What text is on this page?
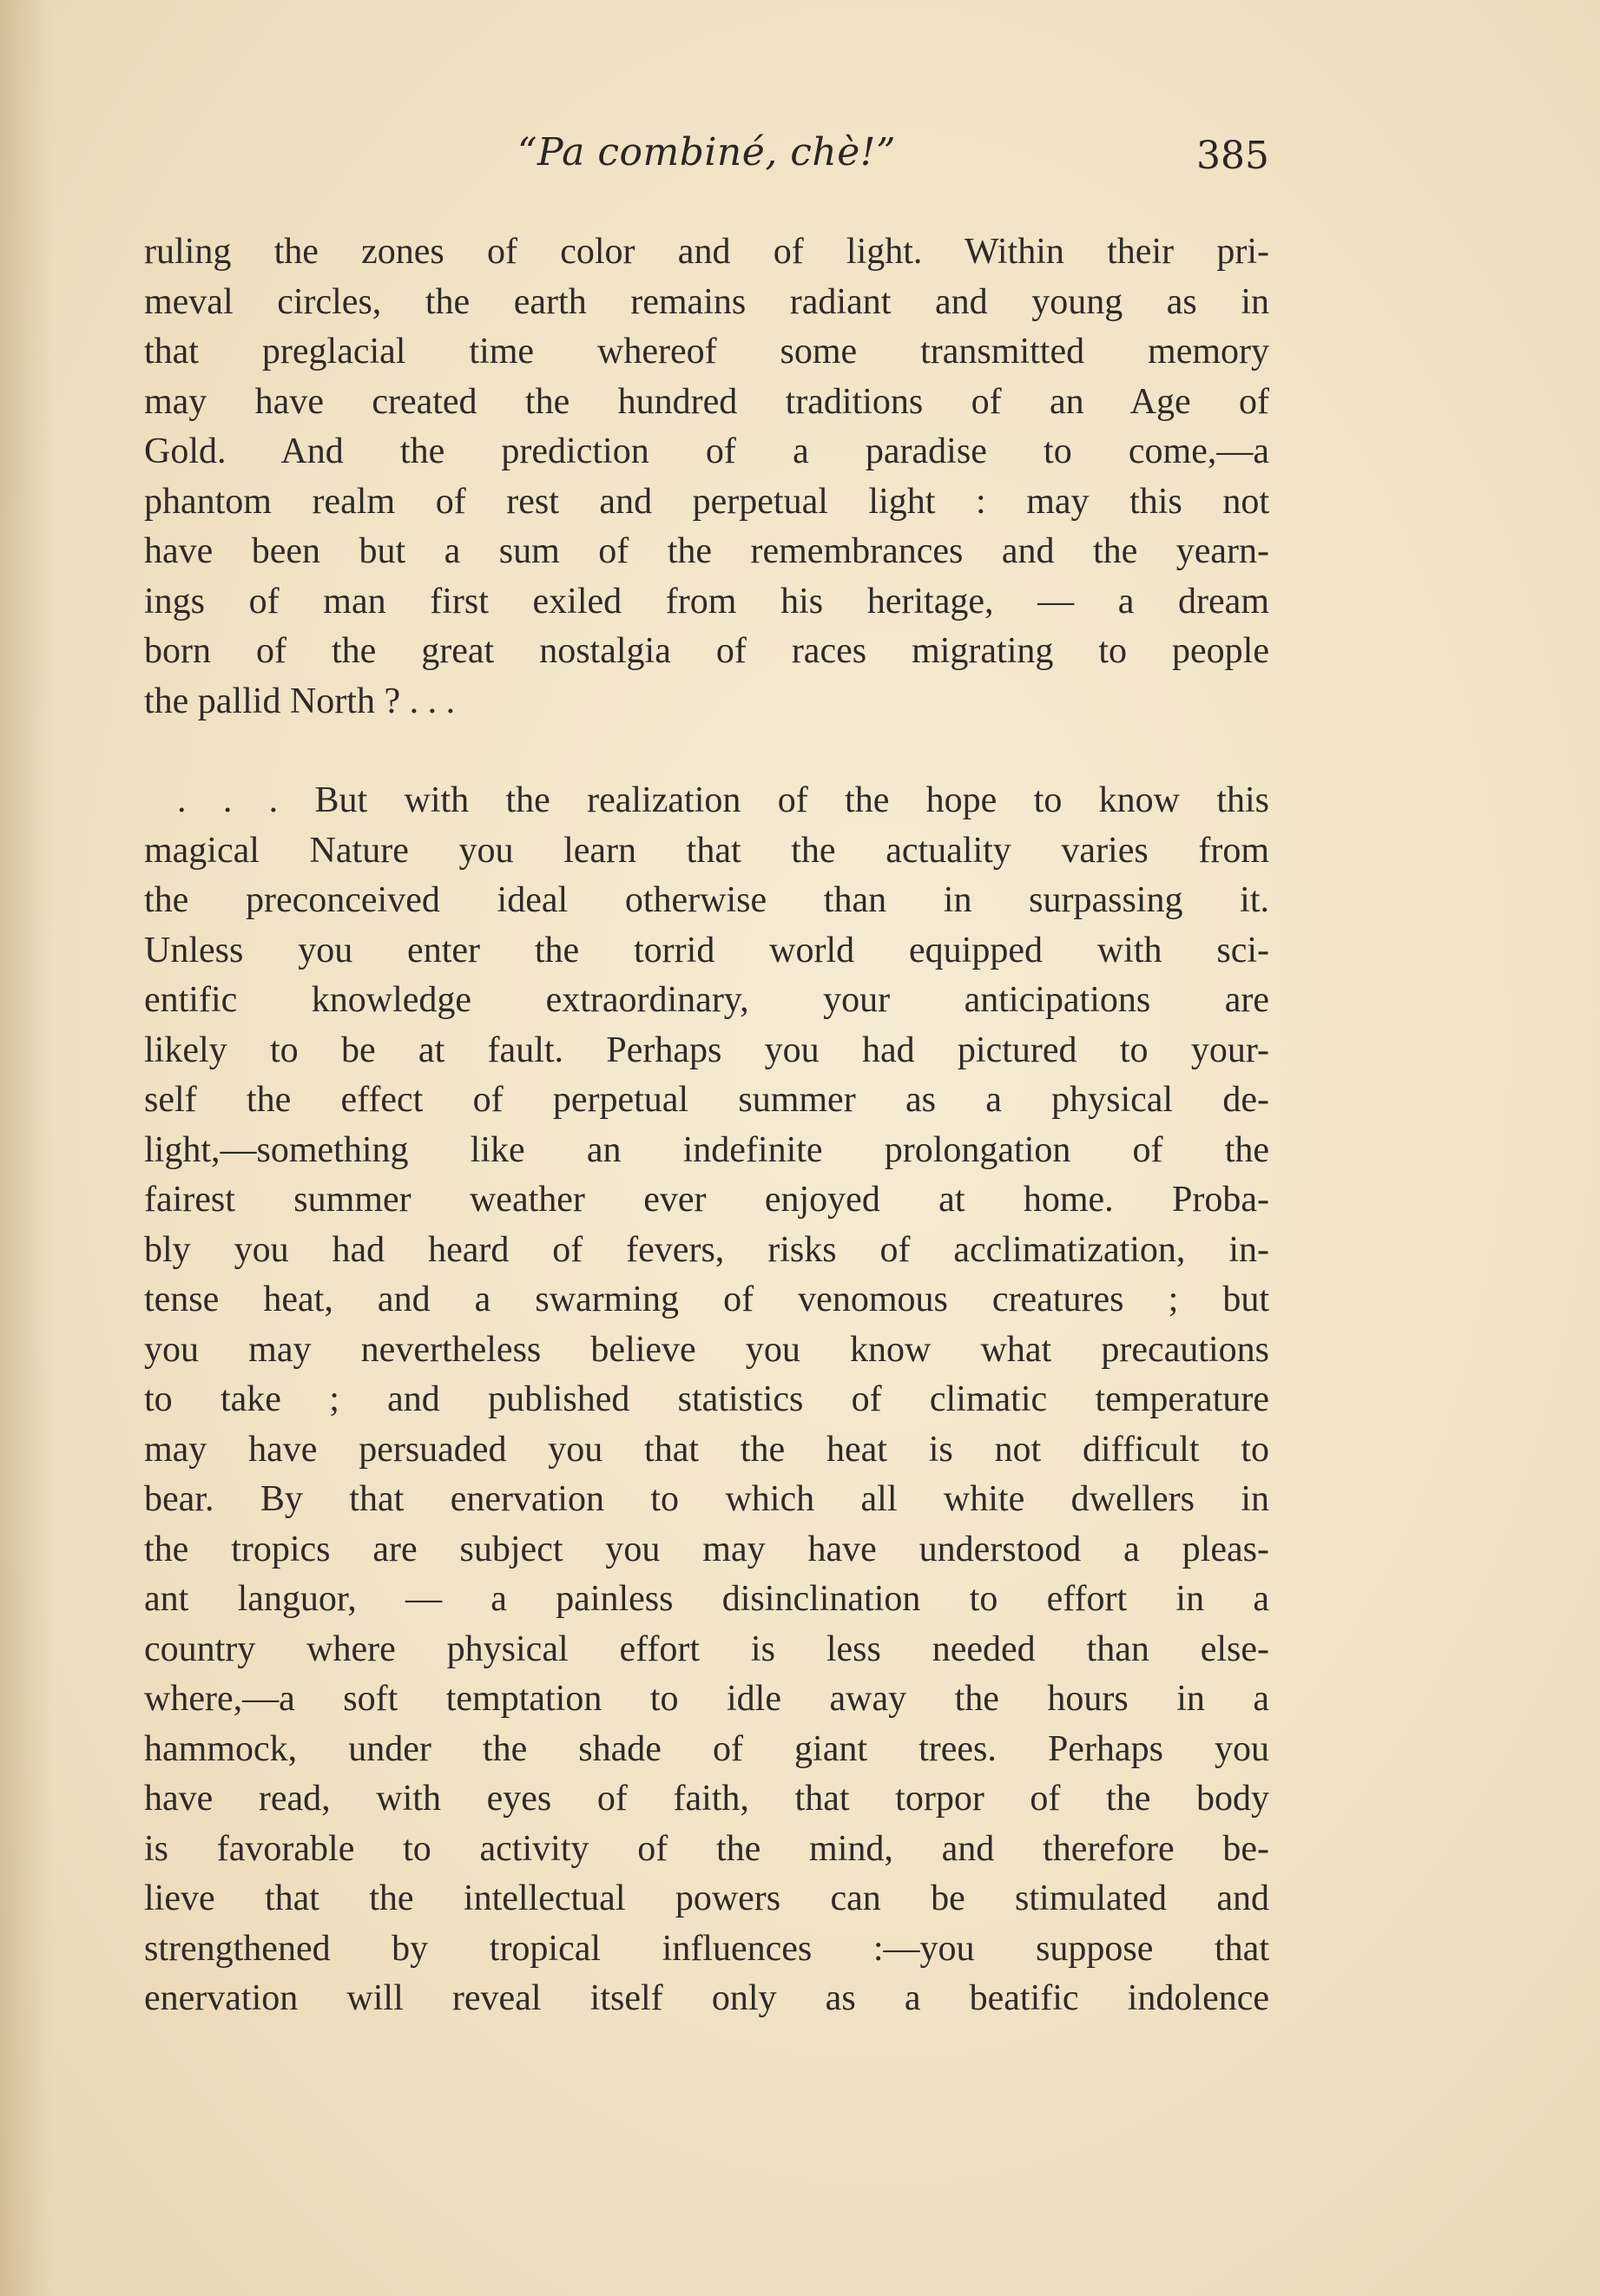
“Pa combiné, chè!”	385
ruling the zones of color and of light. Within their pri-
meval circles, the earth remains radiant and young as in
that preglacial time whereof some transmitted memory
may have created the hundred traditions of an Age of
Gold. And the prediction of a paradise to come,—a
phantom realm of rest and perpetual light : may this not
have been but a sum of the remembrances and the yearn-
ings of man first exiled from his heritage, — a dream
born of the great nostalgia of races migrating to people
the pallid North ? . . .
. . . But with the realization of the hope to know this
magical Nature you learn that the actuality varies from
the preconceived ideal otherwise than in surpassing it.
Unless you enter the torrid world equipped with sci-
entific knowledge extraordinary, your anticipations are
likely to be at fault. Perhaps you had pictured to your-
self the effect of perpetual summer as a physical de-
light,—something like an indefinite prolongation of the
fairest summer weather ever enjoyed at home. Proba-
bly you had heard of fevers, risks of acclimatization, in-
tense heat, and a swarming of venomous creatures ; but
you may nevertheless believe you know what precautions
to take ; and published statistics of climatic temperature
may have persuaded you that the heat is not difficult to
bear. By that enervation to which all white dwellers in
the tropics are subject you may have understood a pleas-
ant languor, — a painless disinclination to effort in a
country where physical effort is less needed than else-
where,—a soft temptation to idle away the hours in a
hammock, under the shade of giant trees. Perhaps you
have read, with eyes of faith, that torpor of the body
is favorable to activity of the mind, and therefore be-
lieve that the intellectual powers can be stimulated and
strengthened by tropical influences :—you suppose that
enervation will reveal itself only as a beatific indolence
